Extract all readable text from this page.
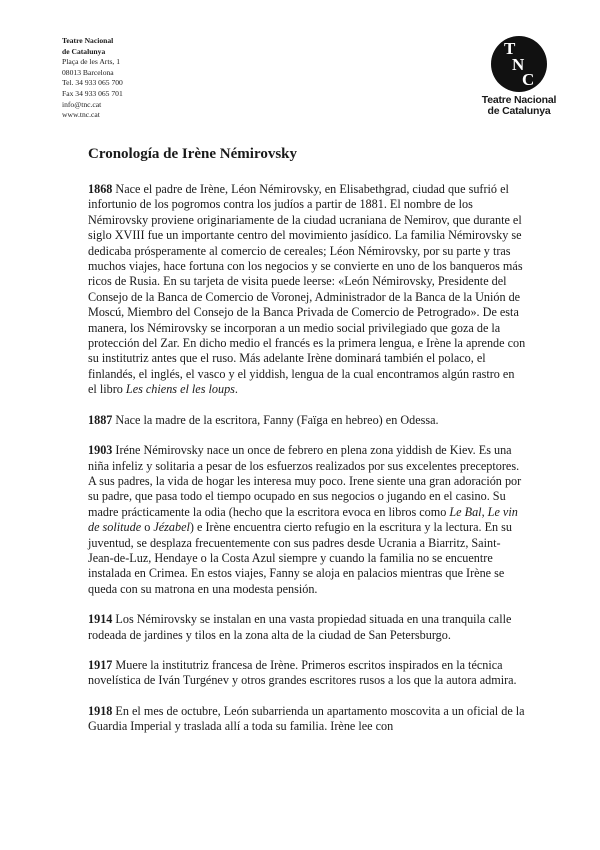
Teatre Nacional
de Catalunya
Plaça de les Arts, 1
08013 Barcelona
Tel. 34 933 065 700
Fax 34 933 065 701
info@tnc.cat
www.tnc.cat
T
N
C
Teatre Nacional
de Catalunya
Cronología de Irène Némirovsky

1868 Nace el padre de Irène, Léon Némirovsky, en Elisabethgrad, ciudad que sufrió el infortunio de los pogromos contra los judíos a partir de 1881. El nombre de los Némirovsky proviene originariamente de la ciudad ucraniana de Nemirov, que durante el siglo XVIII fue un importante centro del movimiento jasídico. La familia Némirovsky se dedicaba prósperamente al comercio de cereales; Léon Némirovsky, por su parte y tras muchos viajes, hace fortuna con los negocios y se convierte en uno de los banqueros más ricos de Rusia. En su tarjeta de visita puede leerse: «León Némirovsky, Presidente del Consejo de la Banca de Comercio de Voronej, Administrador de la Banca de la Unión de Moscú, Miembro del Consejo de la Banca Privada de Comercio de Petrogrado». De esta manera, los Némirovsky se incorporan a un medio social privilegiado que goza de la protección del Zar. En dicho medio el francés es la primera lengua, e Irène la aprende con su institutriz antes que el ruso. Más adelante Irène dominará también el polaco, el finlandés, el inglés, el vasco y el yiddish, lengua de la cual encontramos algún rastro en el libro Les chiens el les loups.

1887 Nace la madre de la escritora, Fanny (Faïga en hebreo) en Odessa.

1903 Iréne Némirovsky nace un once de febrero en plena zona yiddish de Kiev. Es una niña infeliz y solitaria a pesar de los esfuerzos realizados por sus excelentes preceptores. A sus padres, la vida de hogar les interesa muy poco. Irene siente una gran adoración por su padre, que pasa todo el tiempo ocupado en sus negocios o jugando en el casino. Su madre prácticamente la odia (hecho que la escritora evoca en libros como Le Bal, Le vin de solitude o Jézabel) e Irène encuentra cierto refugio en la escritura y la lectura. En su juventud, se desplaza frecuentemente con sus padres desde Ucrania a Biarritz, Saint-Jean-de-Luz, Hendaye o la Costa Azul siempre y cuando la familia no se encuentre instalada en Crimea. En estos viajes, Fanny se aloja en palacios mientras que Irène se queda con su matrona en una modesta pensión.

1914 Los Némirovsky se instalan en una vasta propiedad situada en una tranquila calle rodeada de jardines y tilos en la zona alta de la ciudad de San Petersburgo.

1917 Muere la institutriz francesa de Irène. Primeros escritos inspirados en la técnica novelística de Iván Turgénev y otros grandes escritores rusos a los que la autora admira.

1918 En el mes de octubre, León subarrienda un apartamento moscovita a un oficial de la Guardia Imperial y traslada allí a toda su familia. Irène lee con
